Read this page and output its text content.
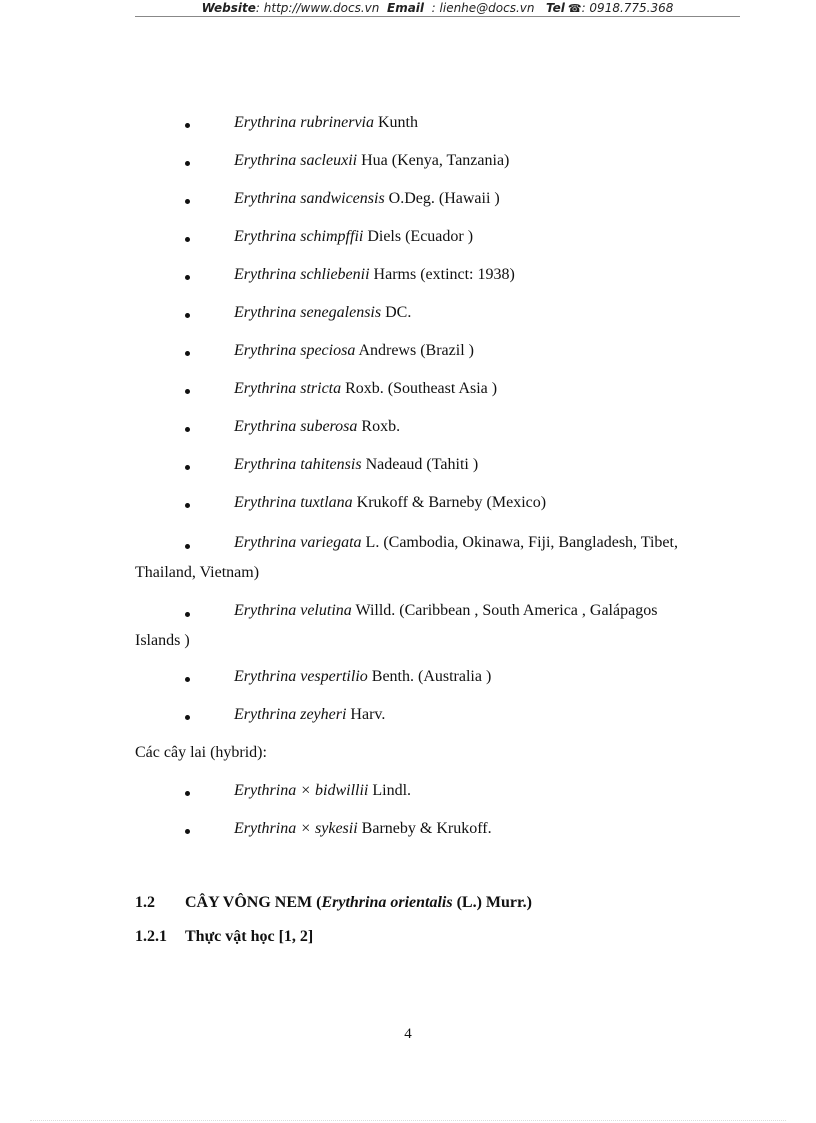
Website: http://www.docs.vn Email : lienhe@docs.vn Tel ☎: 0918.775.368
Erythrina rubrinervia Kunth
Erythrina sacleuxii Hua (Kenya, Tanzania)
Erythrina sandwicensis O.Deg. (Hawaii )
Erythrina schimpffii Diels (Ecuador )
Erythrina schliebenii Harms (extinct: 1938)
Erythrina senegalensis DC.
Erythrina speciosa Andrews (Brazil )
Erythrina stricta Roxb. (Southeast Asia )
Erythrina suberosa Roxb.
Erythrina tahitensis Nadeaud (Tahiti )
Erythrina tuxtlana Krukoff & Barneby (Mexico)
Erythrina variegata L. (Cambodia, Okinawa, Fiji, Bangladesh, Tibet,
Thailand, Vietnam)
Erythrina velutina Willd. (Caribbean , South America , Galápagos
Islands )
Erythrina vespertilio Benth. (Australia )
Erythrina zeyheri Harv.
Các cây lai (hybrid):
Erythrina × bidwillii Lindl.
Erythrina × sykesii Barneby & Krukoff.
1.2 CÂY VÔNG NEM (Erythrina orientalis (L.) Murr.)
1.2.1 Thực vật học [1, 2]
4
